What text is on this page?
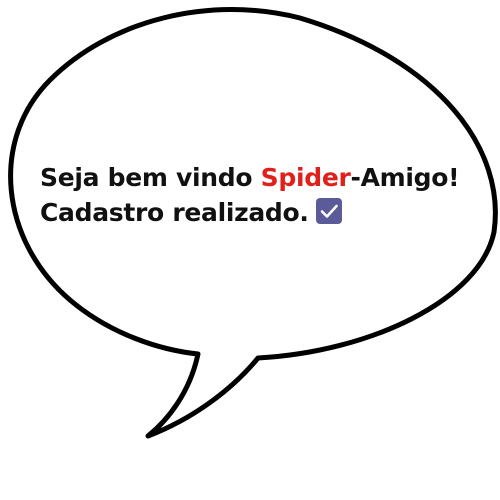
Seja bem vindo Spider-Amigo!
Cadastro realizado.
